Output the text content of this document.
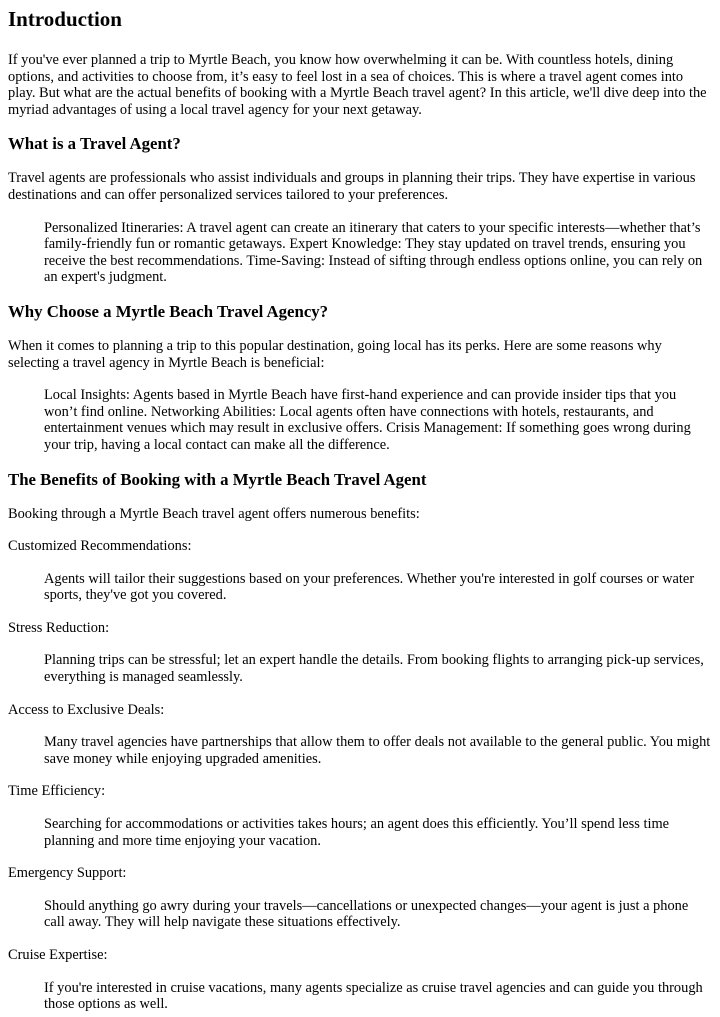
Introduction

If you've ever planned a trip to Myrtle Beach, you know how overwhelming it can be. With countless hotels, dining options, and activities to choose from, it’s easy to feel lost in a sea of choices. This is where a travel agent comes into play. But what are the actual benefits of booking with a Myrtle Beach travel agent? In this article, we'll dive deep into the myriad advantages of using a local travel agency for your next getaway.

What is a Travel Agent?

Travel agents are professionals who assist individuals and groups in planning their trips. They have expertise in various destinations and can offer personalized services tailored to your preferences.

Personalized Itineraries: A travel agent can create an itinerary that caters to your specific interests—whether that’s family-friendly fun or romantic getaways. Expert Knowledge: They stay updated on travel trends, ensuring you receive the best recommendations. Time-Saving: Instead of sifting through endless options online, you can rely on an expert's judgment.
Why Choose a Myrtle Beach Travel Agency?

When it comes to planning a trip to this popular destination, going local has its perks. Here are some reasons why selecting a travel agency in Myrtle Beach is beneficial:

Local Insights: Agents based in Myrtle Beach have first-hand experience and can provide insider tips that you won’t find online. Networking Abilities: Local agents often have connections with hotels, restaurants, and entertainment venues which may result in exclusive offers. Crisis Management: If something goes wrong during your trip, having a local contact can make all the difference.
The Benefits of Booking with a Myrtle Beach Travel Agent

Booking through a Myrtle Beach travel agent offers numerous benefits:

Customized Recommendations:
Agents will tailor their suggestions based on your preferences. Whether you're interested in golf courses or water sports, they've got you covered.
Stress Reduction:
Planning trips can be stressful; let an expert handle the details. From booking flights to arranging pick-up services, everything is managed seamlessly.
Access to Exclusive Deals:
Many travel agencies have partnerships that allow them to offer deals not available to the general public. You might save money while enjoying upgraded amenities.
Time Efficiency:
Searching for accommodations or activities takes hours; an agent does this efficiently. You’ll spend less time planning and more time enjoying your vacation.
Emergency Support:
Should anything go awry during your travels—cancellations or unexpected changes—your agent is just a phone call away. They will help navigate these situations effectively.
Cruise Expertise:
If you're interested in cruise vacations, many agents specialize as cruise travel agencies and can guide you through those options as well.
